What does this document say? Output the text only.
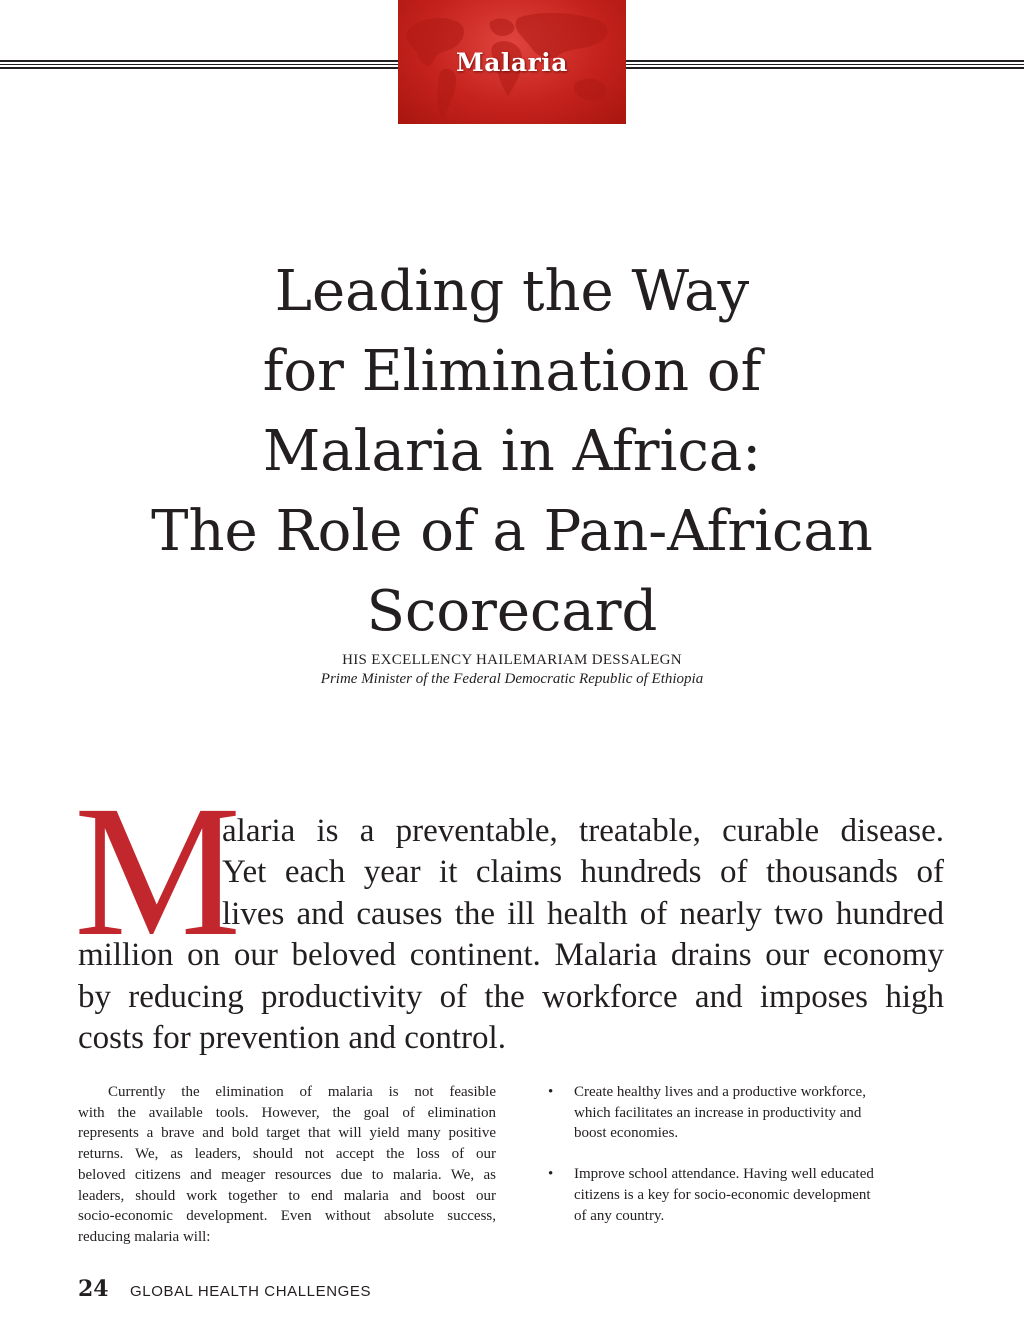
Malaria
Leading the Way
for Elimination of
Malaria in Africa:
The Role of a Pan-African
Scorecard
HIS EXCELLENCY HAILEMARIAM DESSALEGN
Prime Minister of the Federal Democratic Republic of Ethiopia
M
alaria is a preventable, treatable, curable disease.
Yet each year it claims hundreds of thousands of
lives and causes the ill health of nearly two hundred
million on our beloved continent. Malaria drains our economy
by reducing productivity of the workforce and imposes high
costs for prevention and control.
Currently the elimination of malaria is not feasible
with the available tools. However, the goal of elimination
represents a brave and bold target that will yield many positive
returns. We, as leaders, should not accept the loss of our
beloved citizens and meager resources due to malaria. We, as
leaders, should work together to end malaria and boost our
socio-economic development. Even without absolute success,
reducing malaria will:
• Create healthy lives and a productive workforce,
which facilitates an increase in productivity and
boost economies.
• Improve school attendance. Having well educated
citizens is a key for socio-economic development
of any country.
24 GLOBAL HEALTH CHALLENGES
